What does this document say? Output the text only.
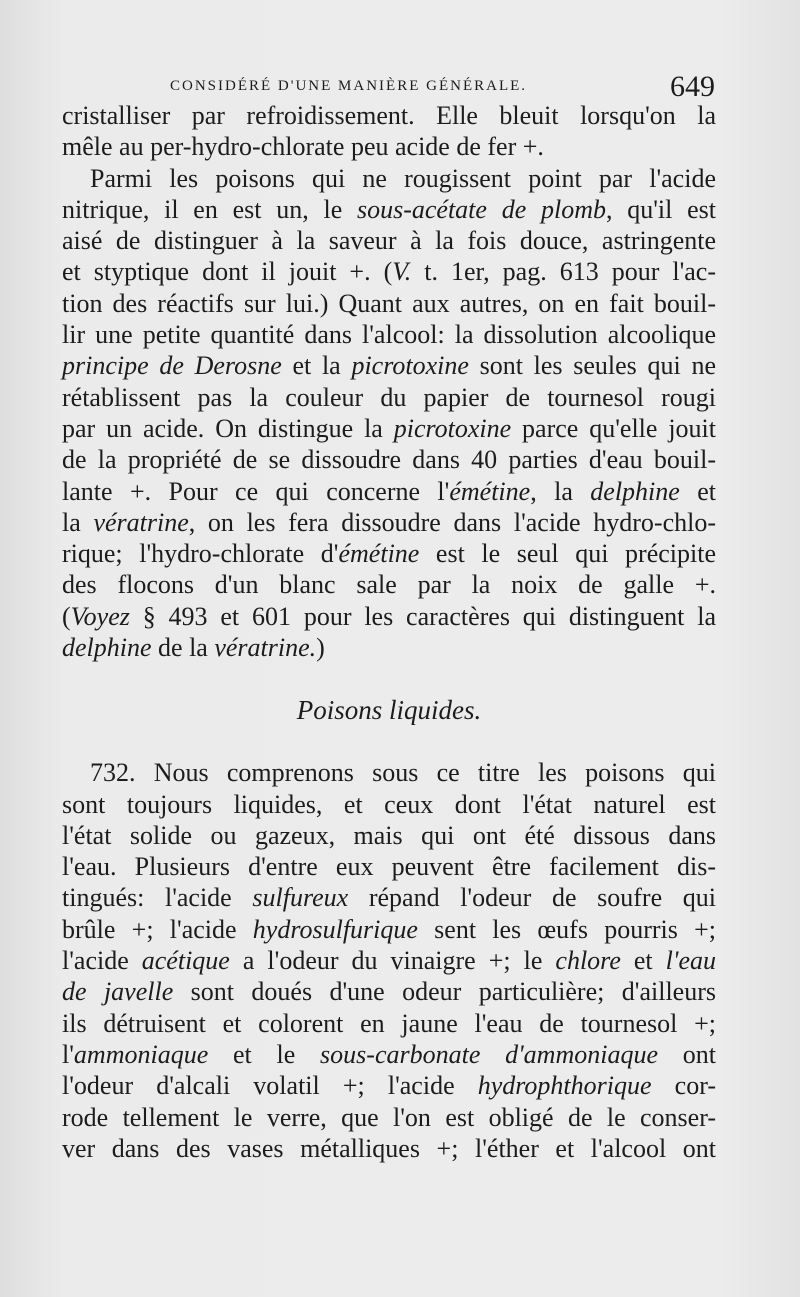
CONSIDÉRÉ D'UNE MANIÈRE GÉNÉRALE.	649
cristalliser par refroidissement. Elle bleuit lorsqu'on la
mêle au per-hydro-chlorate peu acide de fer +.
Parmi les poisons qui ne rougissent point par l'acide
nitrique, il en est un, le sous-acétate de plomb, qu'il est
aisé de distinguer à la saveur à la fois douce, astringente
et styptique dont il jouit +. (V. t. 1er, pag. 613 pour l'ac-
tion des réactifs sur lui.) Quant aux autres, on en fait bouil-
lir une petite quantité dans l'alcool: la dissolution alcoolique
principe de Derosne et la picrotoxine sont les seules qui ne
rétablissent pas la couleur du papier de tournesol rougi
par un acide. On distingue la picrotoxine parce qu'elle jouit
de la propriété de se dissoudre dans 40 parties d'eau bouil-
lante +. Pour ce qui concerne l'émétine, la delphine et
la vératrine, on les fera dissoudre dans l'acide hydro-chlo-
rique; l'hydro-chlorate d'émétine est le seul qui précipite
des flocons d'un blanc sale par la noix de galle +.
(Voyez § 493 et 601 pour les caractères qui distinguent la
delphine de la vératrine.)
Poisons liquides.
732. Nous comprenons sous ce titre les poisons qui
sont toujours liquides, et ceux dont l'état naturel est
l'état solide ou gazeux, mais qui ont été dissous dans
l'eau. Plusieurs d'entre eux peuvent être facilement dis-
tingués: l'acide sulfureux répand l'odeur de soufre qui
brûle +; l'acide hydrosulfurique sent les œufs pourris +;
l'acide acétique a l'odeur du vinaigre +; le chlore et l'eau
de javelle sont doués d'une odeur particulière; d'ailleurs
ils détruisent et colorent en jaune l'eau de tournesol +;
l'ammoniaque et le sous-carbonate d'ammoniaque ont
l'odeur d'alcali volatil +; l'acide hydrophthorique cor-
rode tellement le verre, que l'on est obligé de le conser-
ver dans des vases métalliques +; l'éther et l'alcool ont
